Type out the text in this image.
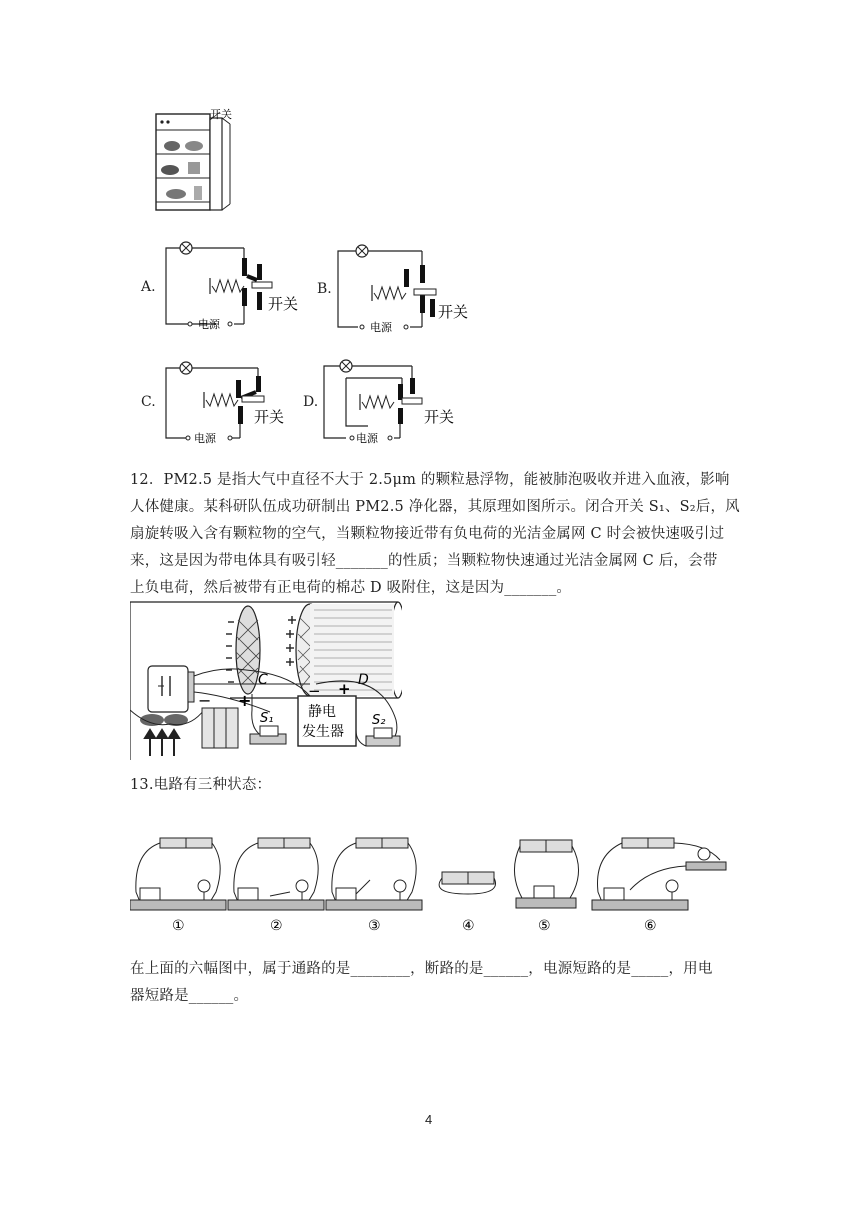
开关
A.
电源
开关
B.
电源
开关
C.
电源
开关
D.
电源
开关
12．PM2.5 是指大气中直径不大于 2.5μm 的颗粒悬浮物，能被肺泡吸收并进入血液，影响
人体健康。某科研队伍成功研制出 PM2.5 净化器，其原理如图所示。闭合开关 S₁、S₂后，风
扇旋转吸入含有颗粒物的空气，当颗粒物接近带有负电荷的光洁金属网 C 时会被快速吸引过
来，这是因为带电体具有吸引轻_______的性质；当颗粒物快速通过光洁金属网 C 后，会带
上负电荷，然后被带有正电荷的棉芯 D 吸附住，这是因为_______。
C	D
− +
S₁ 静电
发生器
− +
S₂
13.电路有三种状态：
①	②	③	④	⑤	⑥
在上面的六幅图中，属于通路的是________，断路的是______，电源短路的是_____，用电
器短路是______。
4
